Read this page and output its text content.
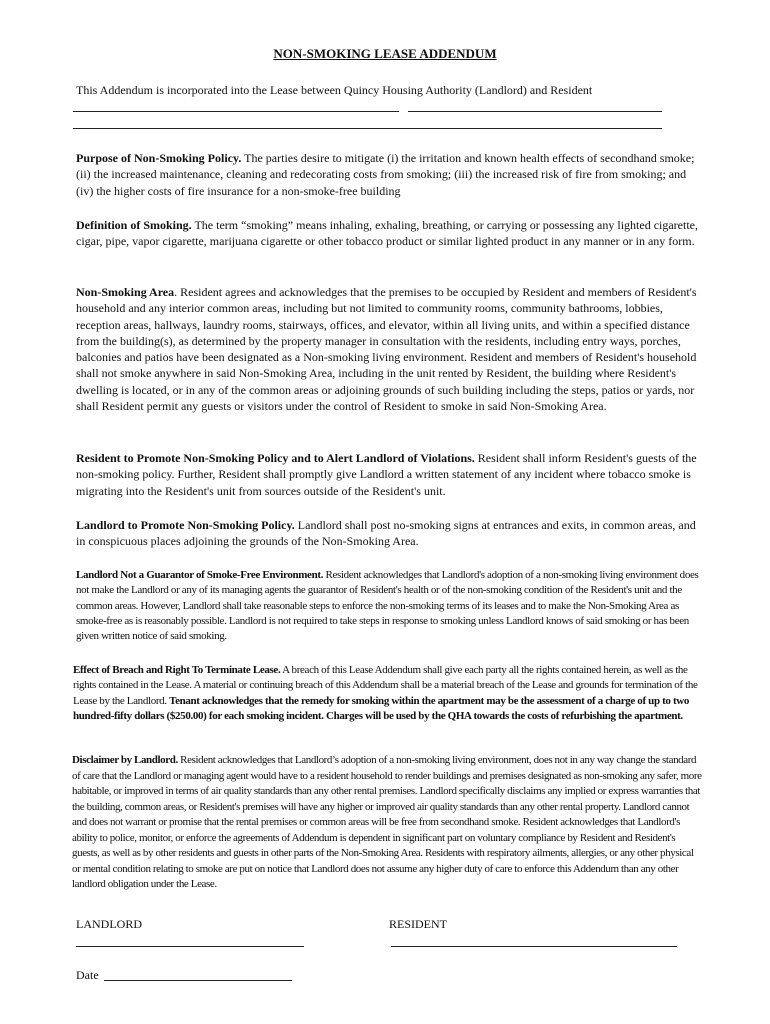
NON-SMOKING LEASE ADDENDUM
This Addendum is incorporated into the Lease between Quincy Housing Authority (Landlord) and Resident

Purpose of Non-Smoking Policy. The parties desire to mitigate (i) the irritation and known health effects of secondhand smoke; (ii) the increased maintenance, cleaning and redecorating costs from smoking; (iii) the increased risk of fire from smoking; and (iv) the higher costs of fire insurance for a non-smoke-free building

Definition of Smoking. The term “smoking” means inhaling, exhaling, breathing, or carrying or possessing any lighted cigarette, cigar, pipe, vapor cigarette, marijuana cigarette or other tobacco product or similar lighted product in any manner or in any form.

Non-Smoking Area. Resident agrees and acknowledges that the premises to be occupied by Resident and members of Resident's household and any interior common areas, including but not limited to community rooms, community bathrooms, lobbies, reception areas, hallways, laundry rooms, stairways, offices, and elevator, within all living units, and within a specified distance from the building(s), as determined by the property manager in consultation with the residents, including entry ways, porches, balconies and patios have been designated as a Non-smoking living environment. Resident and members of Resident's household shall not smoke anywhere in said Non-Smoking Area, including in the unit rented by Resident, the building where Resident's dwelling is located, or in any of the common areas or adjoining grounds of such building including the steps, patios or yards, nor shall Resident permit any guests or visitors under the control of Resident to smoke in said Non-Smoking Area.

Resident to Promote Non-Smoking Policy and to Alert Landlord of Violations. Resident shall inform Resident's guests of the non-smoking policy. Further, Resident shall promptly give Landlord a written statement of any incident where tobacco smoke is migrating into the Resident's unit from sources outside of the Resident's unit.

Landlord to Promote Non-Smoking Policy. Landlord shall post no-smoking signs at entrances and exits, in common areas, and in conspicuous places adjoining the grounds of the Non-Smoking Area.

Landlord Not a Guarantor of Smoke-Free Environment. Resident acknowledges that Landlord's adoption of a non-smoking living environment does not make the Landlord or any of its managing agents the guarantor of Resident's health or of the non-smoking condition of the Resident's unit and the common areas. However, Landlord shall take reasonable steps to enforce the non-smoking terms of its leases and to make the Non-Smoking Area as smoke-free as is reasonably possible. Landlord is not required to take steps in response to smoking unless Landlord knows of said smoking or has been given written notice of said smoking.

Effect of Breach and Right To Terminate Lease. A breach of this Lease Addendum shall give each party all the rights contained herein, as well as the rights contained in the Lease. A material or continuing breach of this Addendum shall be a material breach of the Lease and grounds for termination of the Lease by the Landlord. Tenant acknowledges that the remedy for smoking within the apartment may be the assessment of a charge of up to two hundred-fifty dollars ($250.00) for each smoking incident. Charges will be used by the QHA towards the costs of refurbishing the apartment.

Disclaimer by Landlord. Resident acknowledges that Landlord’s adoption of a non-smoking living environment, does not in any way change the standard of care that the Landlord or managing agent would have to a resident household to render buildings and premises designated as non-smoking any safer, more habitable, or improved in terms of air quality standards than any other rental premises. Landlord specifically disclaims any implied or express warranties that the building, common areas, or Resident's premises will have any higher or improved air quality standards than any other rental property. Landlord cannot and does not warrant or promise that the rental premises or common areas will be free from secondhand smoke. Resident acknowledges that Landlord's ability to police, monitor, or enforce the agreements of Addendum is dependent in significant part on voluntary compliance by Resident and Resident's guests, as well as by other residents and guests in other parts of the Non-Smoking Area. Residents with respiratory ailments, allergies, or any other physical or mental condition relating to smoke are put on notice that Landlord does not assume any higher duty of care to enforce this Addendum than any other landlord obligation under the Lease.

LANDLORD	RESIDENT
Date
